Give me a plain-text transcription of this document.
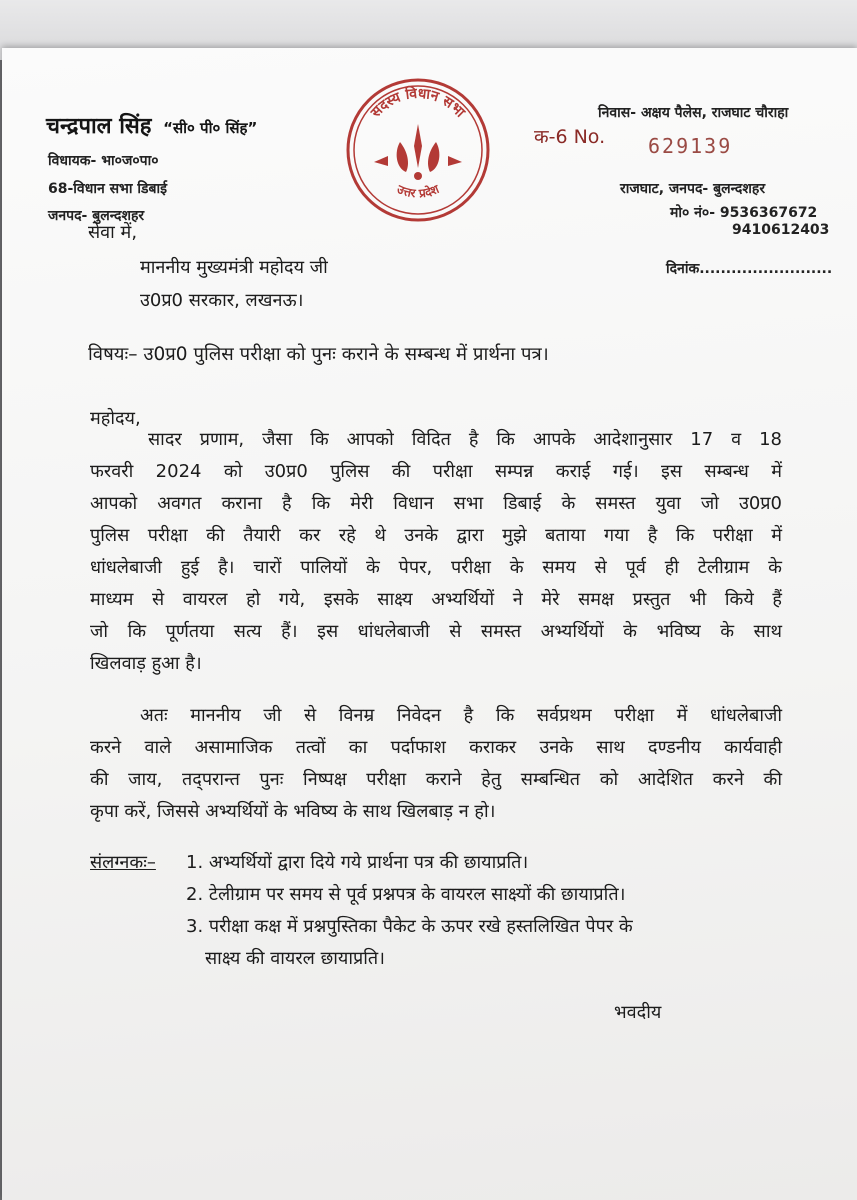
चन्द्रपाल सिंह “सी० पी० सिंह”
विधायक- भा०ज०पा०
68-विधान सभा डिबाई
जनपद- बुलन्दशहर
सदस्य विधान सभा
उत्तर प्रदेश
क-6 No. 629139
निवास- अक्षय पैलेस, राजघाट चौराहा
राजघाट, जनपद- बुलन्दशहर
मो० नं०- 9536367672
9410612403
दिनांक.........................
सेवा में,
माननीय मुख्यमंत्री महोदय जी
उ0प्र0 सरकार, लखनऊ।
विषयः– उ0प्र0 पुलिस परीक्षा को पुनः कराने के सम्बन्ध में प्रार्थना पत्र।
महोदय,
सादर प्रणाम, जैसा कि आपको विदित है कि आपके आदेशानुसार 17 व 18
फरवरी 2024 को उ0प्र0 पुलिस की परीक्षा सम्पन्न कराई गई। इस सम्बन्ध में
आपको अवगत कराना है कि मेरी विधान सभा डिबाई के समस्त युवा जो उ0प्र0
पुलिस परीक्षा की तैयारी कर रहे थे उनके द्वारा मुझे बताया गया है कि परीक्षा में
धांधलेबाजी हुई है। चारों पालियों के पेपर, परीक्षा के समय से पूर्व ही टेलीग्राम के
माध्यम से वायरल हो गये, इसके साक्ष्य अभ्यर्थियों ने मेरे समक्ष प्रस्तुत भी किये हैं
जो कि पूर्णतया सत्य हैं। इस धांधलेबाजी से समस्त अभ्यर्थियों के भविष्य के साथ
खिलवाड़ हुआ है।
अतः माननीय जी से विनम्र निवेदन है कि सर्वप्रथम परीक्षा में धांधलेबाजी
करने वाले असामाजिक तत्वों का पर्दाफाश कराकर उनके साथ दण्डनीय कार्यवाही
की जाय, तद्परान्त पुनः निष्पक्ष परीक्षा कराने हेतु सम्बन्धित को आदेशित करने की
कृपा करें, जिससे अभ्यर्थियों के भविष्य के साथ खिलबाड़ न हो।
संलग्नकः– 1. अभ्यर्थियों द्वारा दिये गये प्रार्थना पत्र की छायाप्रति।
2. टेलीग्राम पर समय से पूर्व प्रश्नपत्र के वायरल साक्ष्यों की छायाप्रति।
3. परीक्षा कक्ष में प्रश्नपुस्तिका पैकेट के ऊपर रखे हस्तलिखित पेपर के
साक्ष्य की वायरल छायाप्रति।
भवदीय
